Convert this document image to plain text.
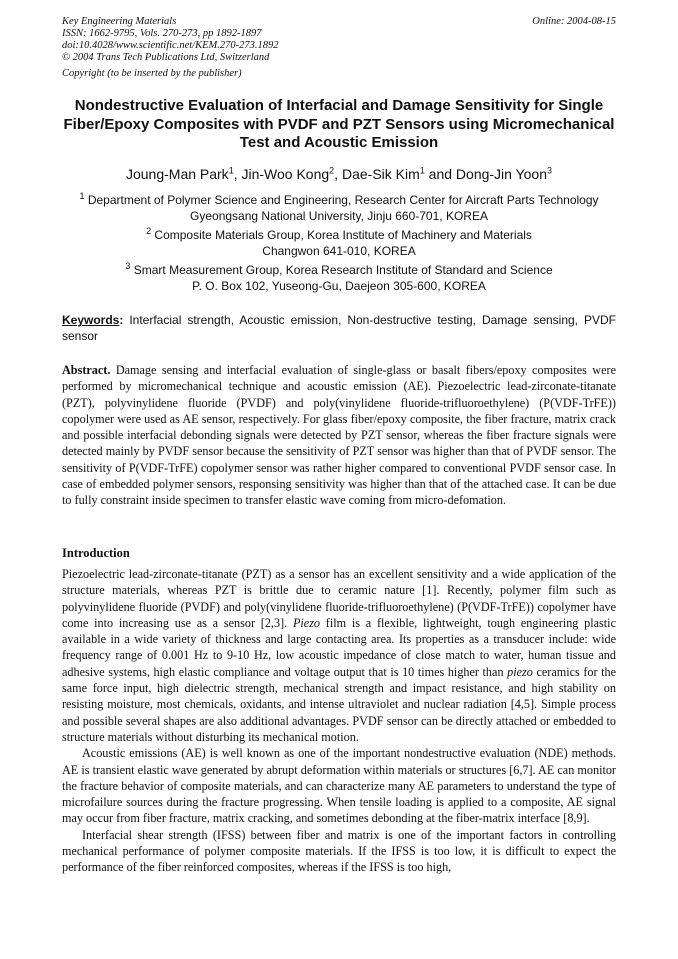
Key Engineering Materials	Online: 2004-08-15
ISSN: 1662-9795, Vols. 270-273, pp 1892-1897
doi:10.4028/www.scientific.net/KEM.270-273.1892
© 2004 Trans Tech Publications Ltd, Switzerland
Copyright (to be inserted by the publisher)
Nondestructive Evaluation of Interfacial and Damage Sensitivity for Single Fiber/Epoxy Composites with PVDF and PZT Sensors using Micromechanical Test and Acoustic Emission
Joung-Man Park$^1$, Jin-Woo Kong$^2$, Dae-Sik Kim$^1$ and Dong-Jin Yoon$^3$
$^1$ Department of Polymer Science and Engineering, Research Center for Aircraft Parts Technology
Gyeongsang National University, Jinju 660-701, KOREA
$^2$ Composite Materials Group, Korea Institute of Machinery and Materials
Changwon 641-010, KOREA
$^3$ Smart Measurement Group, Korea Research Institute of Standard and Science
P. O. Box 102, Yuseong-Gu, Daejeon 305-600, KOREA
Keywords: Interfacial strength, Acoustic emission, Non-destructive testing, Damage sensing, PVDF sensor
Abstract. Damage sensing and interfacial evaluation of single-glass or basalt fibers/epoxy composites were performed by micromechanical technique and acoustic emission (AE). Piezoelectric lead-zirconate-titanate (PZT), polyvinylidene fluoride (PVDF) and poly(vinylidene fluoride-trifluoroethylene) (P(VDF-TrFE)) copolymer were used as AE sensor, respectively. For glass fiber/epoxy composite, the fiber fracture, matrix crack and possible interfacial debonding signals were detected by PZT sensor, whereas the fiber fracture signals were detected mainly by PVDF sensor because the sensitivity of PZT sensor was higher than that of PVDF sensor. The sensitivity of P(VDF-TrFE) copolymer sensor was rather higher compared to conventional PVDF sensor case. In case of embedded polymer sensors, responsing sensitivity was higher than that of the attached case. It can be due to fully constraint inside specimen to transfer elastic wave coming from micro-defomation.
Introduction

Piezoelectric lead-zirconate-titanate (PZT) as a sensor has an excellent sensitivity and a wide application of the structure materials, whereas PZT is brittle due to ceramic nature [1]. Recently, polymer film such as polyvinylidene fluoride (PVDF) and poly(vinylidene fluoride-trifluoroethylene) (P(VDF-TrFE)) copolymer have come into increasing use as a sensor [2,3]. Piezo film is a flexible, lightweight, tough engineering plastic available in a wide variety of thickness and large contacting area. Its properties as a transducer include: wide frequency range of 0.001 Hz to 9-10 Hz, low acoustic impedance of close match to water, human tissue and adhesive systems, high elastic compliance and voltage output that is 10 times higher than piezo ceramics for the same force input, high dielectric strength, mechanical strength and impact resistance, and high stability on resisting moisture, most chemicals, oxidants, and intense ultraviolet and nuclear radiation [4,5]. Simple process and possible several shapes are also additional advantages. PVDF sensor can be directly attached or embedded to structure materials without disturbing its mechanical motion.

Acoustic emissions (AE) is well known as one of the important nondestructive evaluation (NDE) methods. AE is transient elastic wave generated by abrupt deformation within materials or structures [6,7]. AE can monitor the fracture behavior of composite materials, and can characterize many AE parameters to understand the type of microfailure sources during the fracture progressing. When tensile loading is applied to a composite, AE signal may occur from fiber fracture, matrix cracking, and sometimes debonding at the fiber-matrix interface [8,9].

Interfacial shear strength (IFSS) between fiber and matrix is one of the important factors in controlling mechanical performance of polymer composite materials. If the IFSS is too low, it is difficult to expect the performance of the fiber reinforced composites, whereas if the IFSS is too high,
